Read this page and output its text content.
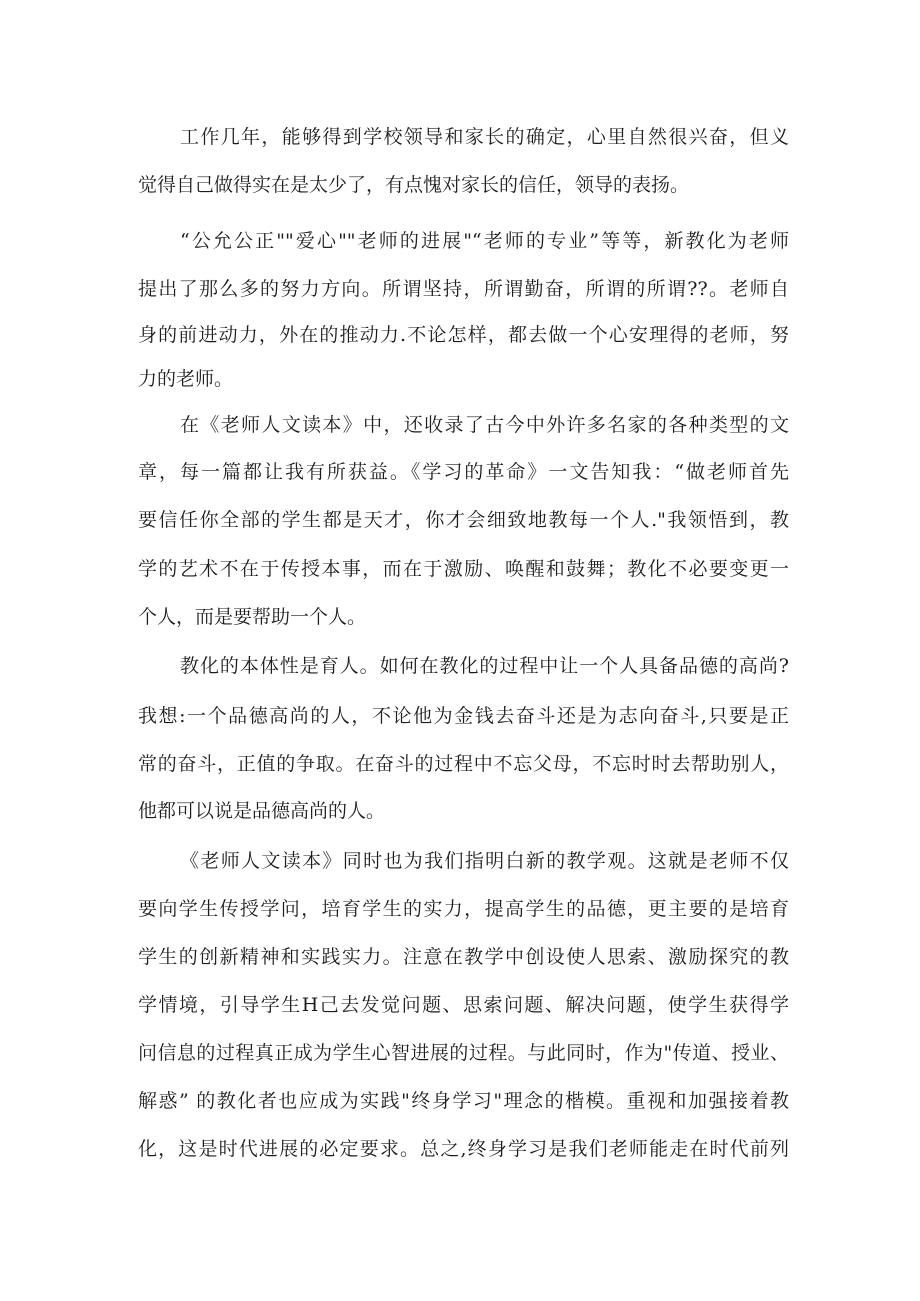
工作几年，能够得到学校领导和家长的确定，心里自然很兴奋，但义
觉得自己做得实在是太少了，有点愧对家长的信任，领导的表扬。
“公允公正""爱心""老师的进展"“老师的专业”等等，新教化为老师
提出了那么多的努力方向。所谓坚持，所谓勤奋，所谓的所谓??。老师自
身的前进动力，外在的推动力.不论怎样，都去做一个心安理得的老师，努
力的老师。
在《老师人文读本》中，还收录了古今中外许多名家的各种类型的文
章，每一篇都让我有所获益。《学习的革命》一文告知我：“做老师首先
要信任你全部的学生都是天才，你才会细致地教每一个人."我领悟到，教
学的艺术不在于传授本事，而在于激励、唤醒和鼓舞；教化不必要变更一
个人，而是要帮助一个人。
教化的本体性是育人。如何在教化的过程中让一个人具备品德的高尚?
我想:一个品德高尚的人，不论他为金钱去奋斗还是为志向奋斗,只要是正
常的奋斗，正值的争取。在奋斗的过程中不忘父母，不忘时时去帮助别人，
他都可以说是品德高尚的人。
《老师人文读本》同时也为我们指明白新的教学观。这就是老师不仅
要向学生传授学问，培育学生的实力，提高学生的品德，更主要的是培育
学生的创新精神和实践实力。注意在教学中创设使人思索、激励探究的教
学情境，引导学生H己去发觉问题、思索问题、解决问题，使学生获得学
问信息的过程真正成为学生心智进展的过程。与此同时，作为"传道、授业、
解惑” 的教化者也应成为实践"终身学习"理念的楷模。重视和加强接着教
化，这是时代进展的必定要求。总之,终身学习是我们老师能走在时代前列
